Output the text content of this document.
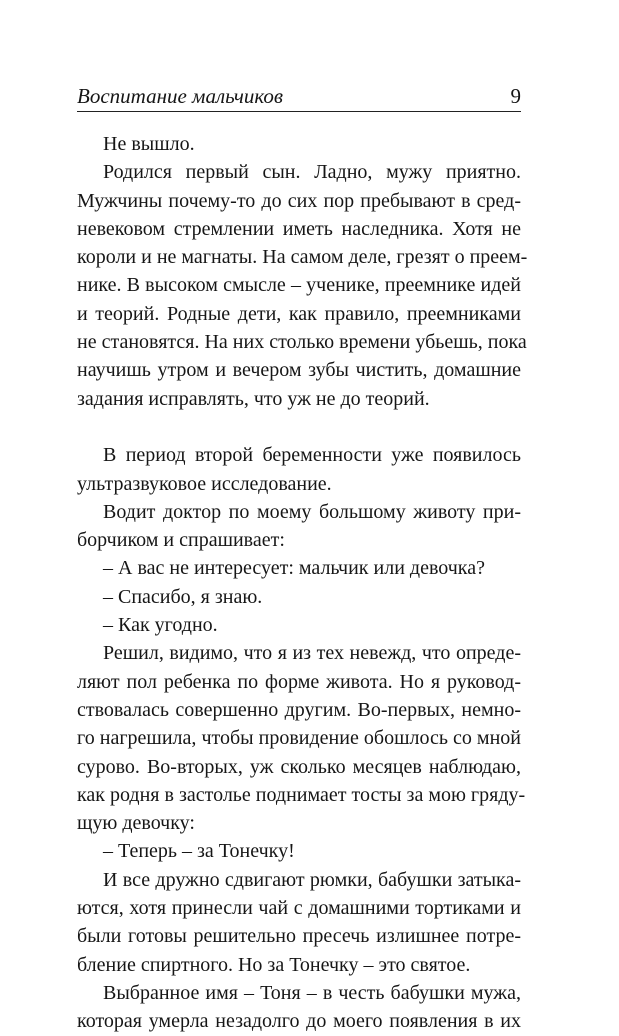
Воспитание мальчиков	9
Не вышло.
Родился первый сын. Ладно, мужу приятно.
Мужчины почему-то до сих пор пребывают в сред-
невековом стремлении иметь наследника. Хотя не
короли и не магнаты. На самом деле, грезят о преем-
нике. В высоком смысле – ученике, преемнике идей
и теорий. Родные дети, как правило, преемниками
не становятся. На них столько времени убьешь, пока
научишь утром и вечером зубы чистить, домашние
задания исправлять, что уж не до теорий.
В период второй беременности уже появилось
ультразвуковое исследование.
Водит доктор по моему большому животу при-
борчиком и спрашивает:
– А вас не интересует: мальчик или девочка?
– Спасибо, я знаю.
– Как угодно.
Решил, видимо, что я из тех невежд, что опреде-
ляют пол ребенка по форме живота. Но я руковод-
ствовалась совершенно другим. Во-первых, немно-
го нагрешила, чтобы провидение обошлось со мной
сурово. Во-вторых, уж сколько месяцев наблюдаю,
как родня в застолье поднимает тосты за мою гряду-
щую девочку:
– Теперь – за Тонечку!
И все дружно сдвигают рюмки, бабушки затыка-
ются, хотя принесли чай с домашними тортиками и
были готовы решительно пресечь излишнее потре-
бление спиртного. Но за Тонечку – это святое.
Выбранное имя – Тоня – в честь бабушки мужа,
которая умерла незадолго до моего появления в их
